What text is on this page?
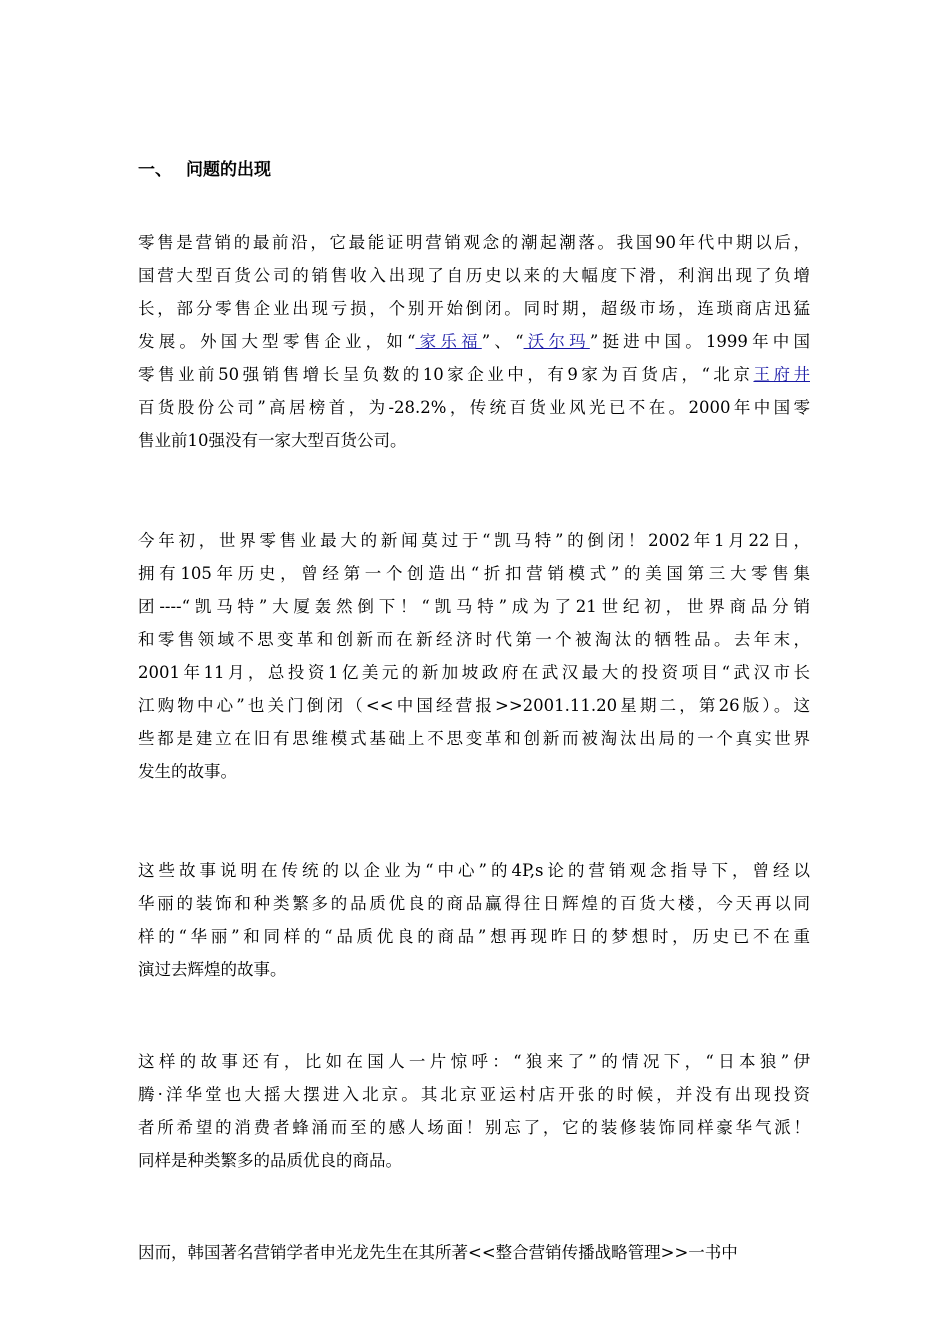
一、 问题的出现
零售是营销的最前沿，它最能证明营销观念的潮起潮落。我国90年代中期以后，
国营大型百货公司的销售收入出现了自历史以来的大幅度下滑，利润出现了负增
长，部分零售企业出现亏损，个别开始倒闭。同时期，超级市场，连琐商店迅猛
发展。外国大型零售企业，如“家乐福”、“沃尔玛”挺进中国。1999年中国
零售业前50强销售增长呈负数的10家企业中，有9家为百货店，“北京王府井
百货股份公司”高居榜首，为-28.2%，传统百货业风光已不在。2000年中国零
售业前10强没有一家大型百货公司。
今年初，世界零售业最大的新闻莫过于“凯马特”的倒闭！2002年1月22日，
拥有105年历史，曾经第一个创造出“折扣营销模式”的美国第三大零售集
团----“凯马特”大厦轰然倒下！“凯马特”成为了21世纪初，世界商品分销
和零售领域不思变革和创新而在新经济时代第一个被淘汰的牺牲品。去年末，
2001年11月，总投资1亿美元的新加坡政府在武汉最大的投资项目“武汉市长
江购物中心”也关门倒闭（<<中国经营报>>2001.11.20星期二，第26版）。这
些都是建立在旧有思维模式基础上不思变革和创新而被淘汰出局的一个真实世界
发生的故事。
这些故事说明在传统的以企业为“中心”的4P,s论的营销观念指导下，曾经以
华丽的装饰和种类繁多的品质优良的商品赢得往日辉煌的百货大楼，今天再以同
样的“华丽”和同样的“品质优良的商品”想再现昨日的梦想时，历史已不在重
演过去辉煌的故事。
这样的故事还有，比如在国人一片惊呼：“狼来了”的情况下，“日本狼”伊
腾·洋华堂也大摇大摆进入北京。其北京亚运村店开张的时候，并没有出现投资
者所希望的消费者蜂涌而至的感人场面！别忘了，它的装修装饰同样豪华气派！
同样是种类繁多的品质优良的商品。
因而，韩国著名营销学者申光龙先生在其所著<<整合营销传播战略管理>>一书中
